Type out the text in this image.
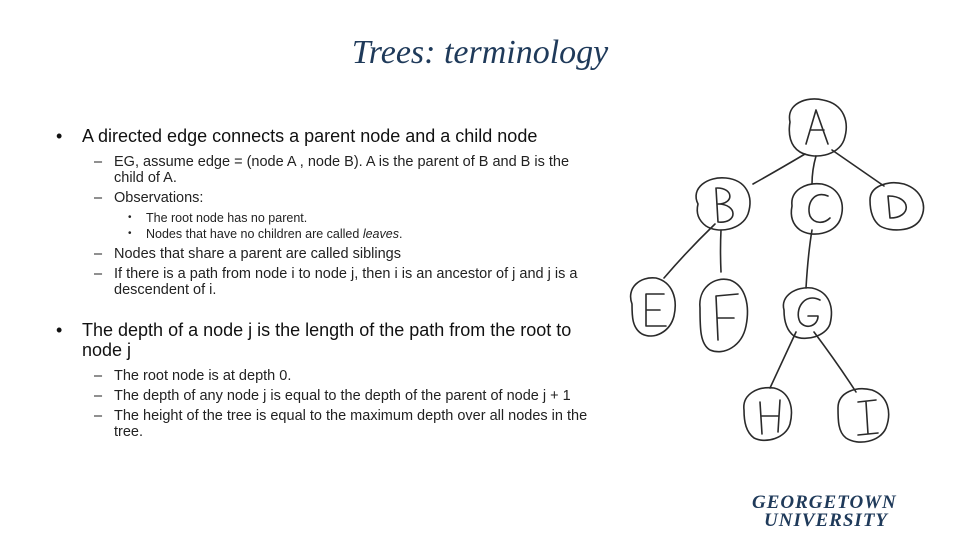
Trees: terminology
• A directed edge connects a parent node and a child node
– EG, assume edge = (node A , node B). A is the parent of B and B is the child of A.
– Observations:
• The root node has no parent.
• Nodes that have no children are called leaves.
– Nodes that share a parent are called siblings
– If there is a path from node i to node j, then i is an ancestor of j and j is a descendent of i.
• The depth of a node j is the length of the path from the root to node j
– The root node is at depth 0.
– The depth of any node j is equal to the depth of the parent of node j + 1
– The height of the tree is equal to the maximum depth over all nodes in the tree.
GEORGETOWN
UNIVERSITY
